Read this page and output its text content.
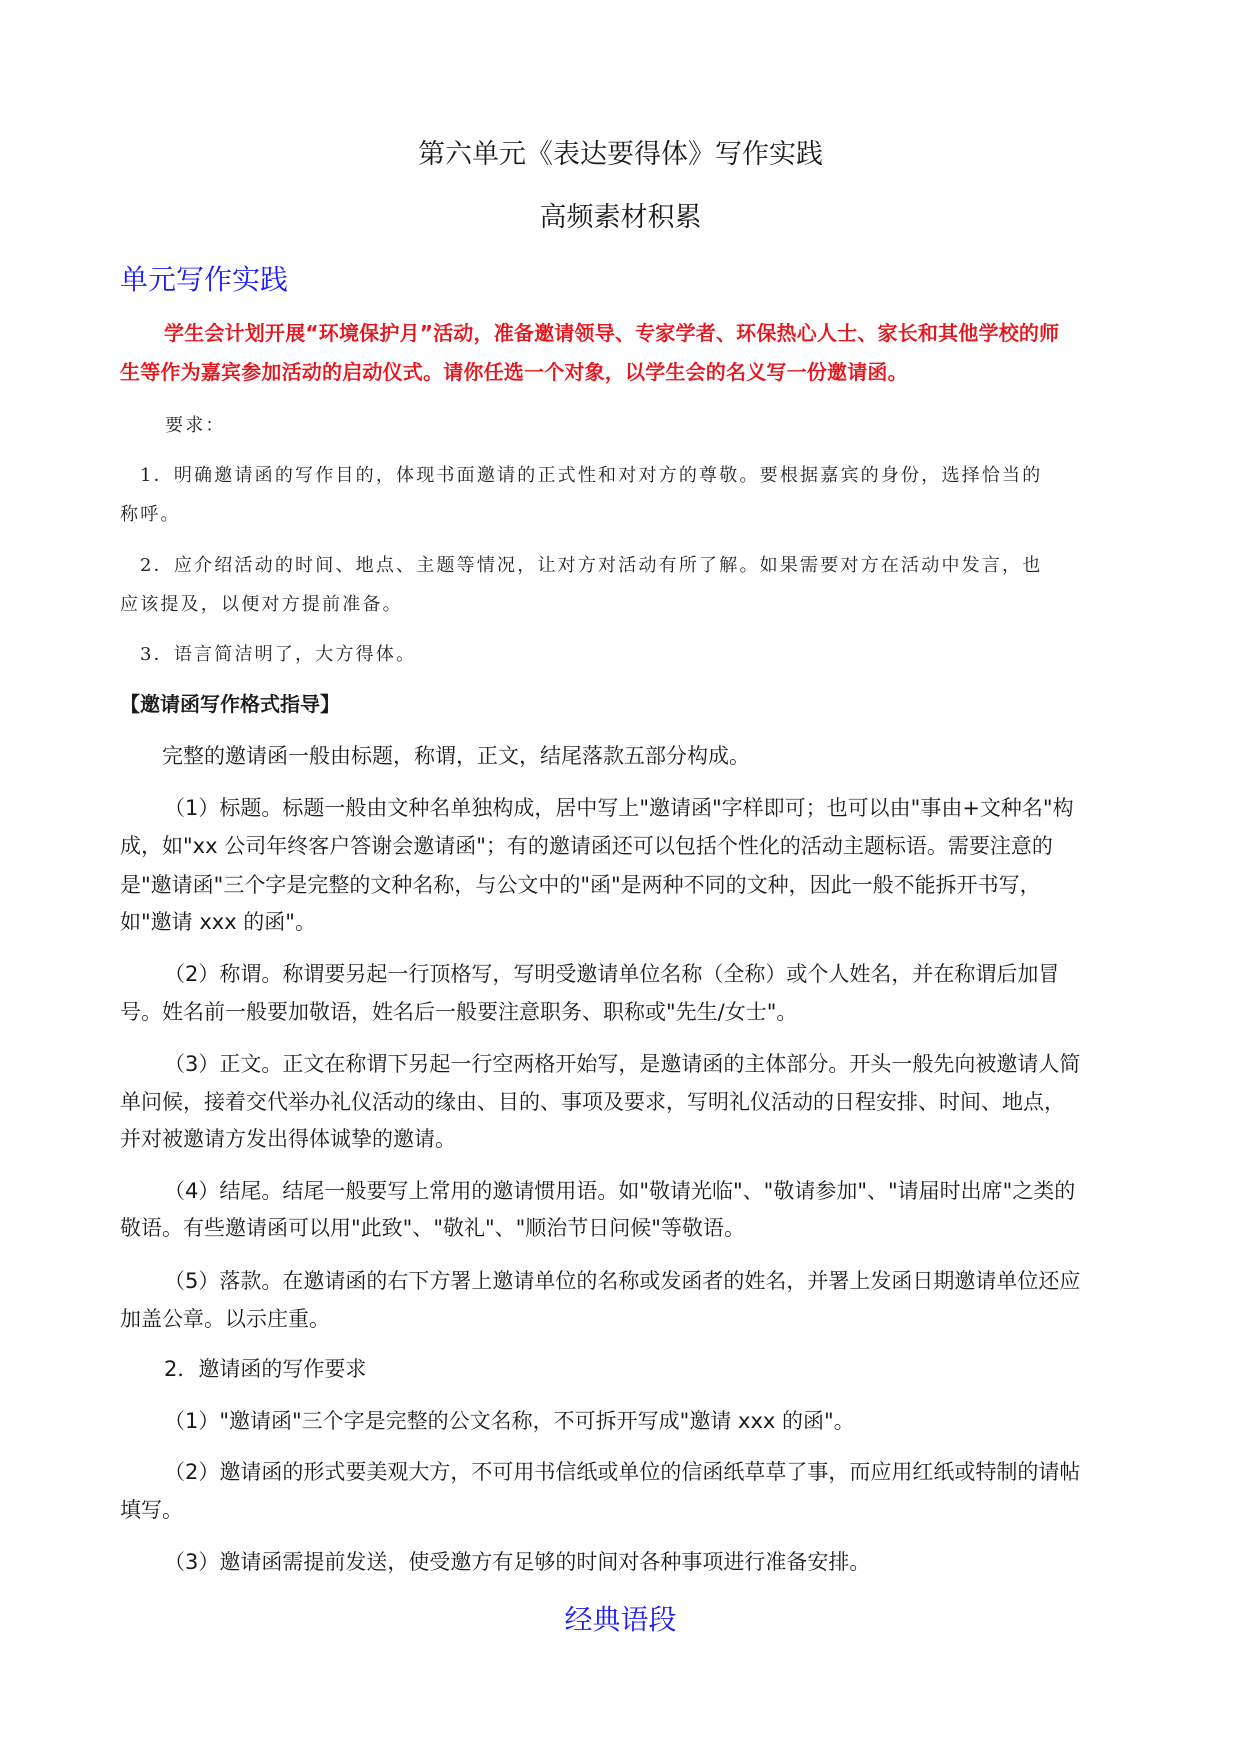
第六单元《表达要得体》写作实践

高频素材积累

单元写作实践

学生会计划开展“环境保护月”活动，准备邀请领导、专家学者、环保热心人士、家长和其他学校的师

生等作为嘉宾参加活动的启动仪式。请你任选一个对象，以学生会的名义写一份邀请函。

要求：

1．明确邀请函的写作目的，体现书面邀请的正式性和对对方的尊敬。要根据嘉宾的身份，选择恰当的

称呼。

2．应介绍活动的时间、地点、主题等情况，让对方对活动有所了解。如果需要对方在活动中发言，也

应该提及，以便对方提前准备。

3．语言简洁明了，大方得体。

【邀请函写作格式指导】

完整的邀请函一般由标题，称谓，正文，结尾落款五部分构成。

（1）标题。标题一般由文种名单独构成，居中写上"邀请函"字样即可；也可以由"事由+文种名"构

成，如"xx 公司年终客户答谢会邀请函"；有的邀请函还可以包括个性化的活动主题标语。需要注意的

是"邀请函"三个字是完整的文种名称，与公文中的"函"是两种不同的文种，因此一般不能拆开书写，

如"邀请 xxx 的函"。

（2）称谓。称谓要另起一行顶格写，写明受邀请单位名称（全称）或个人姓名，并在称谓后加冒

号。姓名前一般要加敬语，姓名后一般要注意职务、职称或"先生/女士"。

（3）正文。正文在称谓下另起一行空两格开始写，是邀请函的主体部分。开头一般先向被邀请人简

单问候，接着交代举办礼仪活动的缘由、目的、事项及要求，写明礼仪活动的日程安排、时间、地点，

并对被邀请方发出得体诚挚的邀请。

（4）结尾。结尾一般要写上常用的邀请惯用语。如"敬请光临"、"敬请参加"、"请届时出席"之类的

敬语。有些邀请函可以用"此致"、"敬礼"、"顺治节日问候"等敬语。

（5）落款。在邀请函的右下方署上邀请单位的名称或发函者的姓名，并署上发函日期邀请单位还应

加盖公章。以示庄重。

2．邀请函的写作要求

（1）"邀请函"三个字是完整的公文名称，不可拆开写成"邀请 xxx 的函"。

（2）邀请函的形式要美观大方，不可用书信纸或单位的信函纸草草了事，而应用红纸或特制的请帖

填写。

（3）邀请函需提前发送，使受邀方有足够的时间对各种事项进行准备安排。

经典语段
